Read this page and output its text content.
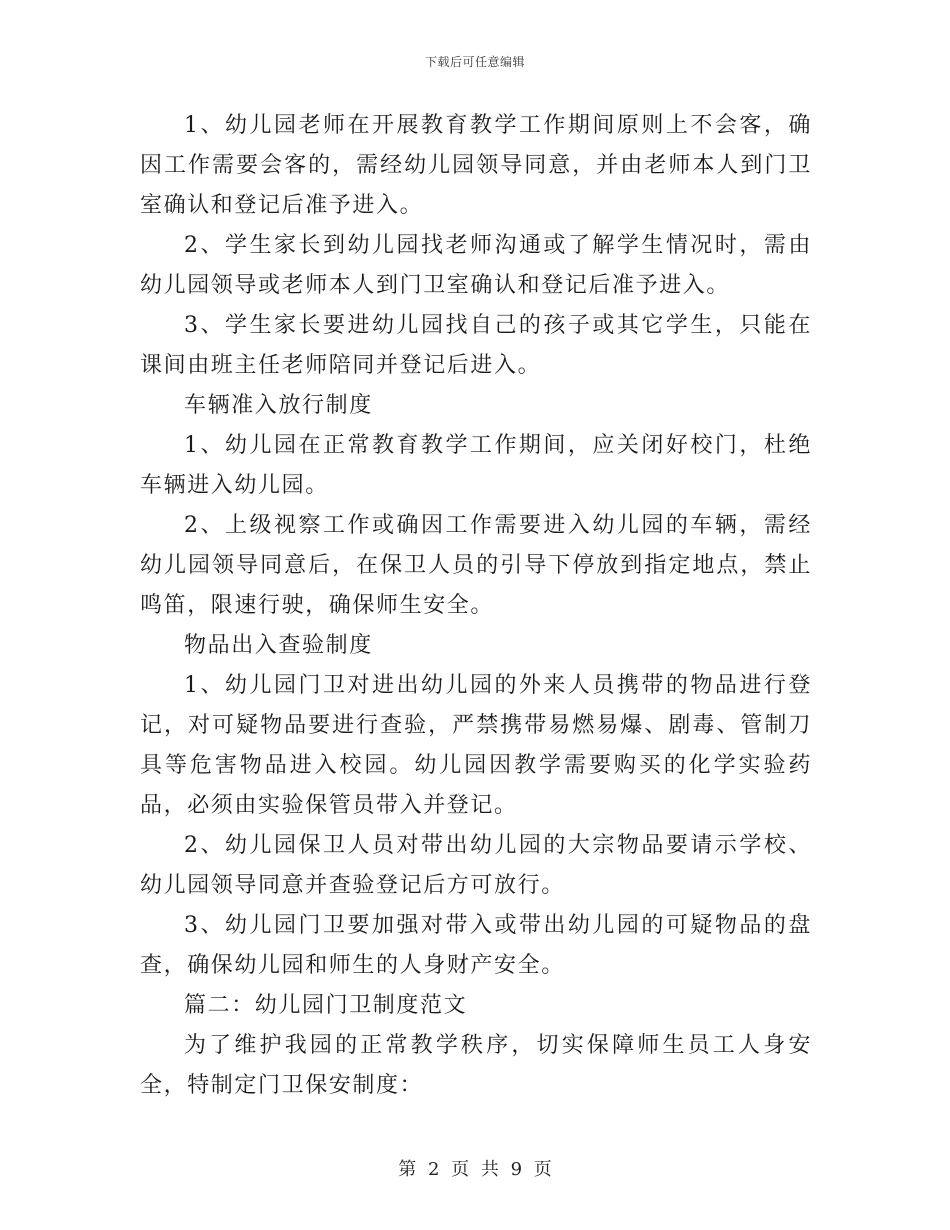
下载后可任意编辑

1、幼儿园老师在开展教育教学工作期间原则上不会客，确因工作需要会客的，需经幼儿园领导同意，并由老师本人到门卫室确认和登记后准予进入。

2、学生家长到幼儿园找老师沟通或了解学生情况时，需由幼儿园领导或老师本人到门卫室确认和登记后准予进入。

3、学生家长要进幼儿园找自己的孩子或其它学生，只能在课间由班主任老师陪同并登记后进入。

车辆准入放行制度

1、幼儿园在正常教育教学工作期间，应关闭好校门，杜绝车辆进入幼儿园。

2、上级视察工作或确因工作需要进入幼儿园的车辆，需经幼儿园领导同意后，在保卫人员的引导下停放到指定地点，禁止鸣笛，限速行驶，确保师生安全。

物品出入查验制度

1、幼儿园门卫对进出幼儿园的外来人员携带的物品进行登记，对可疑物品要进行查验，严禁携带易燃易爆、剧毒、管制刀具等危害物品进入校园。幼儿园因教学需要购买的化学实验药品，必须由实验保管员带入并登记。

2、幼儿园保卫人员对带出幼儿园的大宗物品要请示学校、幼儿园领导同意并查验登记后方可放行。

3、幼儿园门卫要加强对带入或带出幼儿园的可疑物品的盘查，确保幼儿园和师生的人身财产安全。

篇二：幼儿园门卫制度范文

为了维护我园的正常教学秩序，切实保障师生员工人身安全，特制定门卫保安制度：

第 2 页 共 9 页
